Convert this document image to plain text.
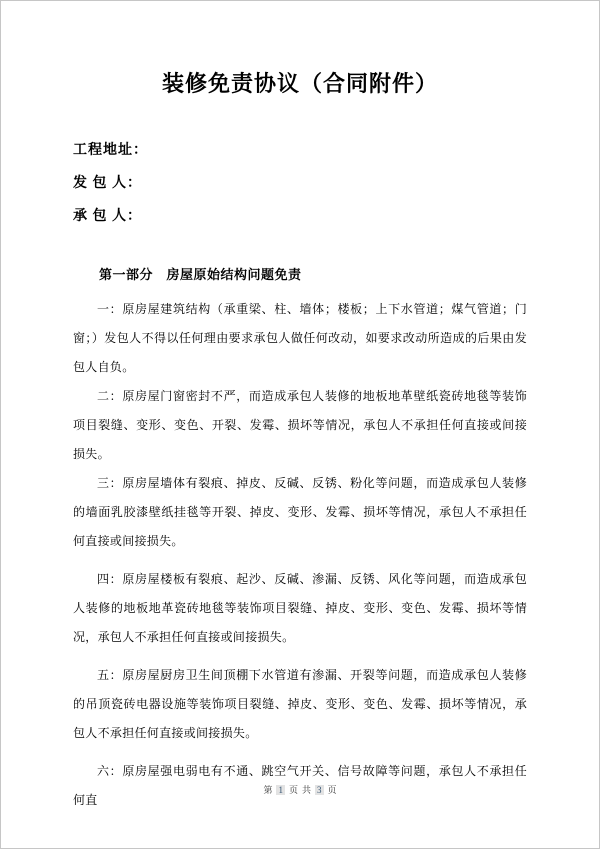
装修免责协议（合同附件）

工程地址：

发 包 人：

承 包 人：

第一部分　房屋原始结构问题免责

一：原房屋建筑结构（承重梁、柱、墙体；楼板；上下水管道；煤气管道；门窗；）发包人不得以任何理由要求承包人做任何改动，如要求改动所造成的后果由发包人自负。

二：原房屋门窗密封不严，而造成承包人装修的地板地革壁纸瓷砖地毯等装饰项目裂缝、变形、变色、开裂、发霉、损坏等情况，承包人不承担任何直接或间接损失。

三：原房屋墙体有裂痕、掉皮、反碱、反锈、粉化等问题，而造成承包人装修的墙面乳胶漆壁纸挂毯等开裂、掉皮、变形、发霉、损坏等情况，承包人不承担任何直接或间接损失。

四：原房屋楼板有裂痕、起沙、反碱、渗漏、反锈、风化等问题，而造成承包人装修的地板地革瓷砖地毯等装饰项目裂缝、掉皮、变形、变色、发霉、损坏等情况，承包人不承担任何直接或间接损失。

五：原房屋厨房卫生间顶棚下水管道有渗漏、开裂等问题，而造成承包人装修的吊顶瓷砖电器设施等装饰项目裂缝、掉皮、变形、变色、发霉、损坏等情况，承包人不承担任何直接或间接损失。

六：原房屋强电弱电有不通、跳空气开关、信号故障等问题，承包人不承担任何直

第 1 页 共 3 页
